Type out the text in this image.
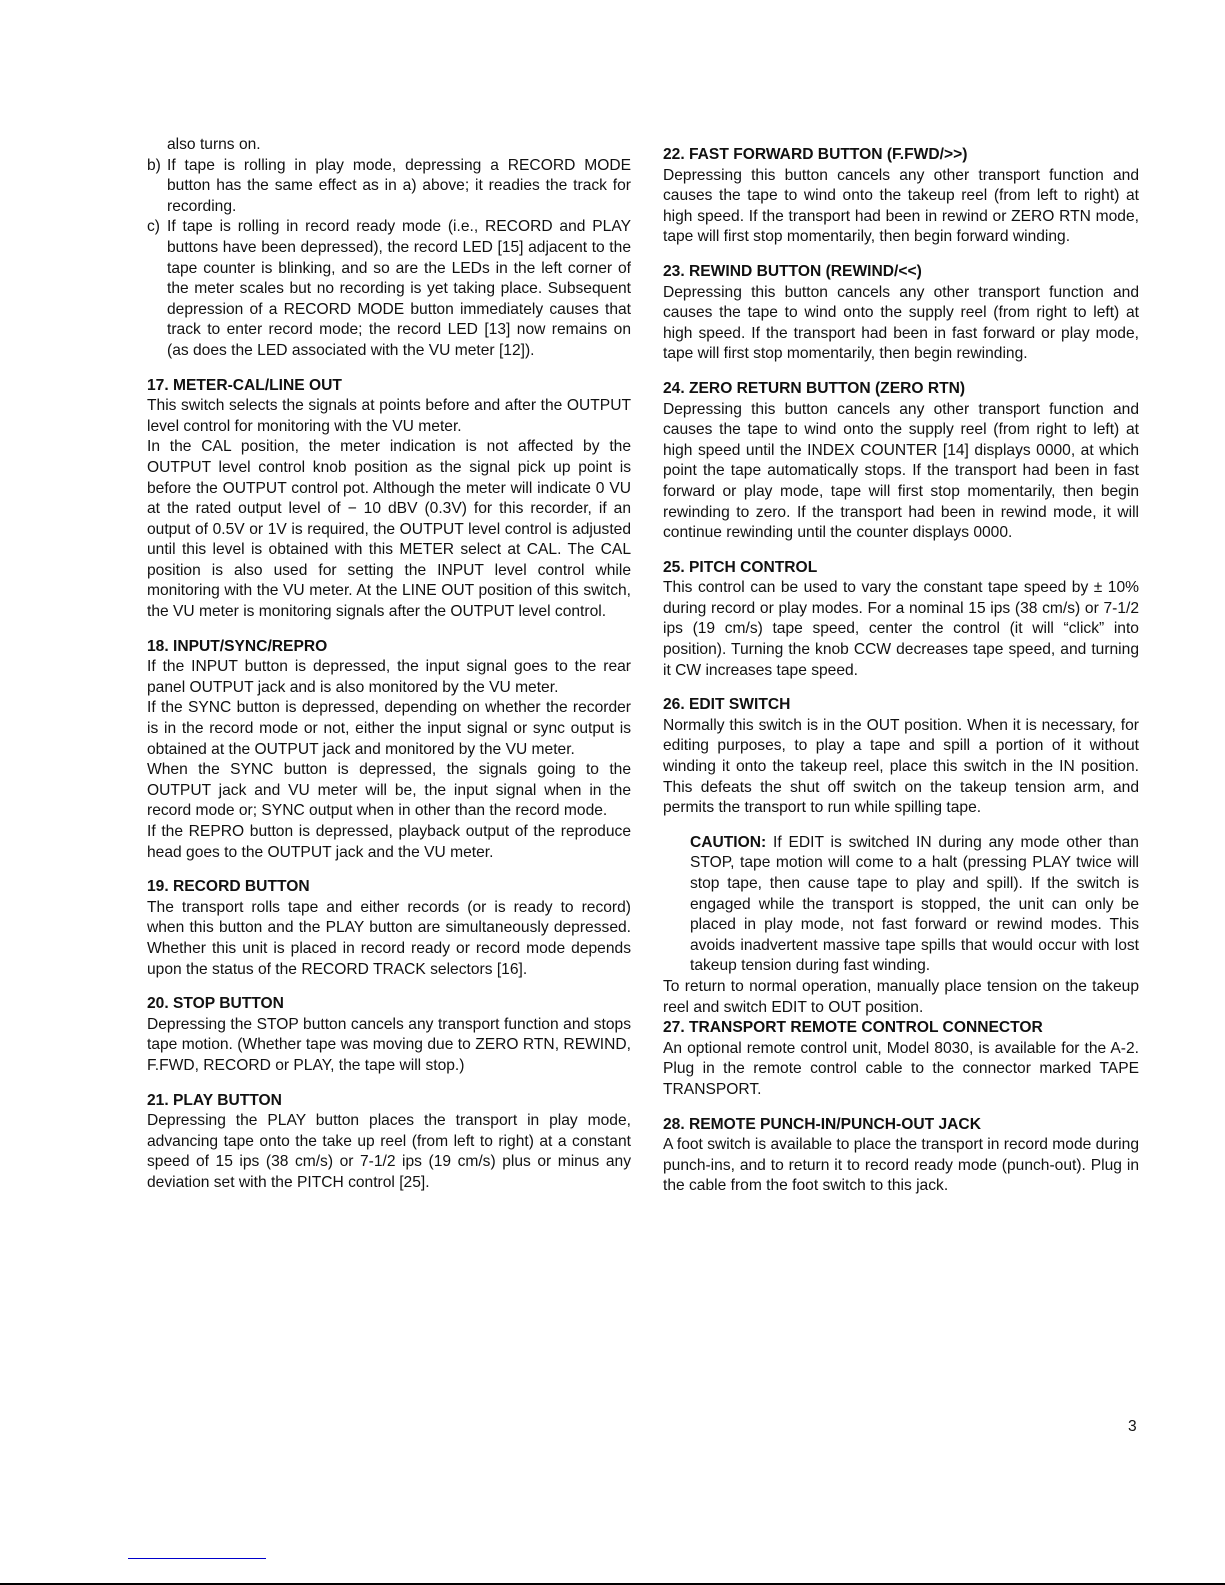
also turns on.

b) If tape is rolling in play mode, depressing a RECORD MODE button has the same effect as in a) above; it readies the track for recording.

c) If tape is rolling in record ready mode (i.e., RECORD and PLAY buttons have been depressed), the record LED [15] adjacent to the tape counter is blinking, and so are the LEDs in the left corner of the meter scales but no recording is yet taking place. Subsequent depression of a RECORD MODE button immediately causes that track to enter record mode; the record LED [13] now remains on (as does the LED associated with the VU meter [12]).

17. METER-CAL/LINE OUT

This switch selects the signals at points before and after the OUTPUT level control for monitoring with the VU meter.

In the CAL position, the meter indication is not affected by the OUTPUT level control knob position as the signal pick up point is before the OUTPUT control pot. Although the meter will indicate 0 VU at the rated output level of − 10 dBV (0.3V) for this recorder, if an output of 0.5V or 1V is required, the OUTPUT level control is adjusted until this level is obtained with this METER select at CAL. The CAL position is also used for setting the INPUT level control while monitoring with the VU meter. At the LINE OUT position of this switch, the VU meter is monitoring signals after the OUTPUT level control.

18. INPUT/SYNC/REPRO

If the INPUT button is depressed, the input signal goes to the rear panel OUTPUT jack and is also monitored by the VU meter.

If the SYNC button is depressed, depending on whether the recorder is in the record mode or not, either the input signal or sync output is obtained at the OUTPUT jack and monitored by the VU meter.

When the SYNC button is depressed, the signals going to the OUTPUT jack and VU meter will be, the input signal when in the record mode or; SYNC output when in other than the record mode.

If the REPRO button is depressed, playback output of the reproduce head goes to the OUTPUT jack and the VU meter.

19. RECORD BUTTON

The transport rolls tape and either records (or is ready to record) when this button and the PLAY button are simultaneously depressed. Whether this unit is placed in record ready or record mode depends upon the status of the RECORD TRACK selectors [16].

20. STOP BUTTON

Depressing the STOP button cancels any transport function and stops tape motion. (Whether tape was moving due to ZERO RTN, REWIND, F.FWD, RECORD or PLAY, the tape will stop.)

21. PLAY BUTTON

Depressing the PLAY button places the transport in play mode, advancing tape onto the take up reel (from left to right) at a constant speed of 15 ips (38 cm/s) or 7-1/2 ips (19 cm/s) plus or minus any deviation set with the PITCH control [25].

22. FAST FORWARD BUTTON (F.FWD/>>)

Depressing this button cancels any other transport function and causes the tape to wind onto the takeup reel (from left to right) at high speed. If the transport had been in rewind or ZERO RTN mode, tape will first stop momentarily, then begin forward winding.

23. REWIND BUTTON (REWIND/<<)

Depressing this button cancels any other transport function and causes the tape to wind onto the supply reel (from right to left) at high speed. If the transport had been in fast forward or play mode, tape will first stop momentarily, then begin rewinding.

24. ZERO RETURN BUTTON (ZERO RTN)

Depressing this button cancels any other transport function and causes the tape to wind onto the supply reel (from right to left) at high speed until the INDEX COUNTER [14] displays 0000, at which point the tape automatically stops. If the transport had been in fast forward or play mode, tape will first stop momentarily, then begin rewinding to zero. If the transport had been in rewind mode, it will continue rewinding until the counter displays 0000.

25. PITCH CONTROL

This control can be used to vary the constant tape speed by ± 10% during record or play modes. For a nominal 15 ips (38 cm/s) or 7-1/2 ips (19 cm/s) tape speed, center the control (it will “click” into position). Turning the knob CCW decreases tape speed, and turning it CW increases tape speed.

26. EDIT SWITCH

Normally this switch is in the OUT position. When it is necessary, for editing purposes, to play a tape and spill a portion of it without winding it onto the takeup reel, place this switch in the IN position. This defeats the shut off switch on the takeup tension arm, and permits the transport to run while spilling tape.

CAUTION: If EDIT is switched IN during any mode other than STOP, tape motion will come to a halt (pressing PLAY twice will stop tape, then cause tape to play and spill). If the switch is engaged while the transport is stopped, the unit can only be placed in play mode, not fast forward or rewind modes. This avoids inadvertent massive tape spills that would occur with lost takeup tension during fast winding.

To return to normal operation, manually place tension on the takeup reel and switch EDIT to OUT position.

27. TRANSPORT REMOTE CONTROL CONNECTOR

An optional remote control unit, Model 8030, is available for the A-2. Plug in the remote control cable to the connector marked TAPE TRANSPORT.

28. REMOTE PUNCH-IN/PUNCH-OUT JACK

A foot switch is available to place the transport in record mode during punch-ins, and to return it to record ready mode (punch-out). Plug in the cable from the foot switch to this jack.

3
